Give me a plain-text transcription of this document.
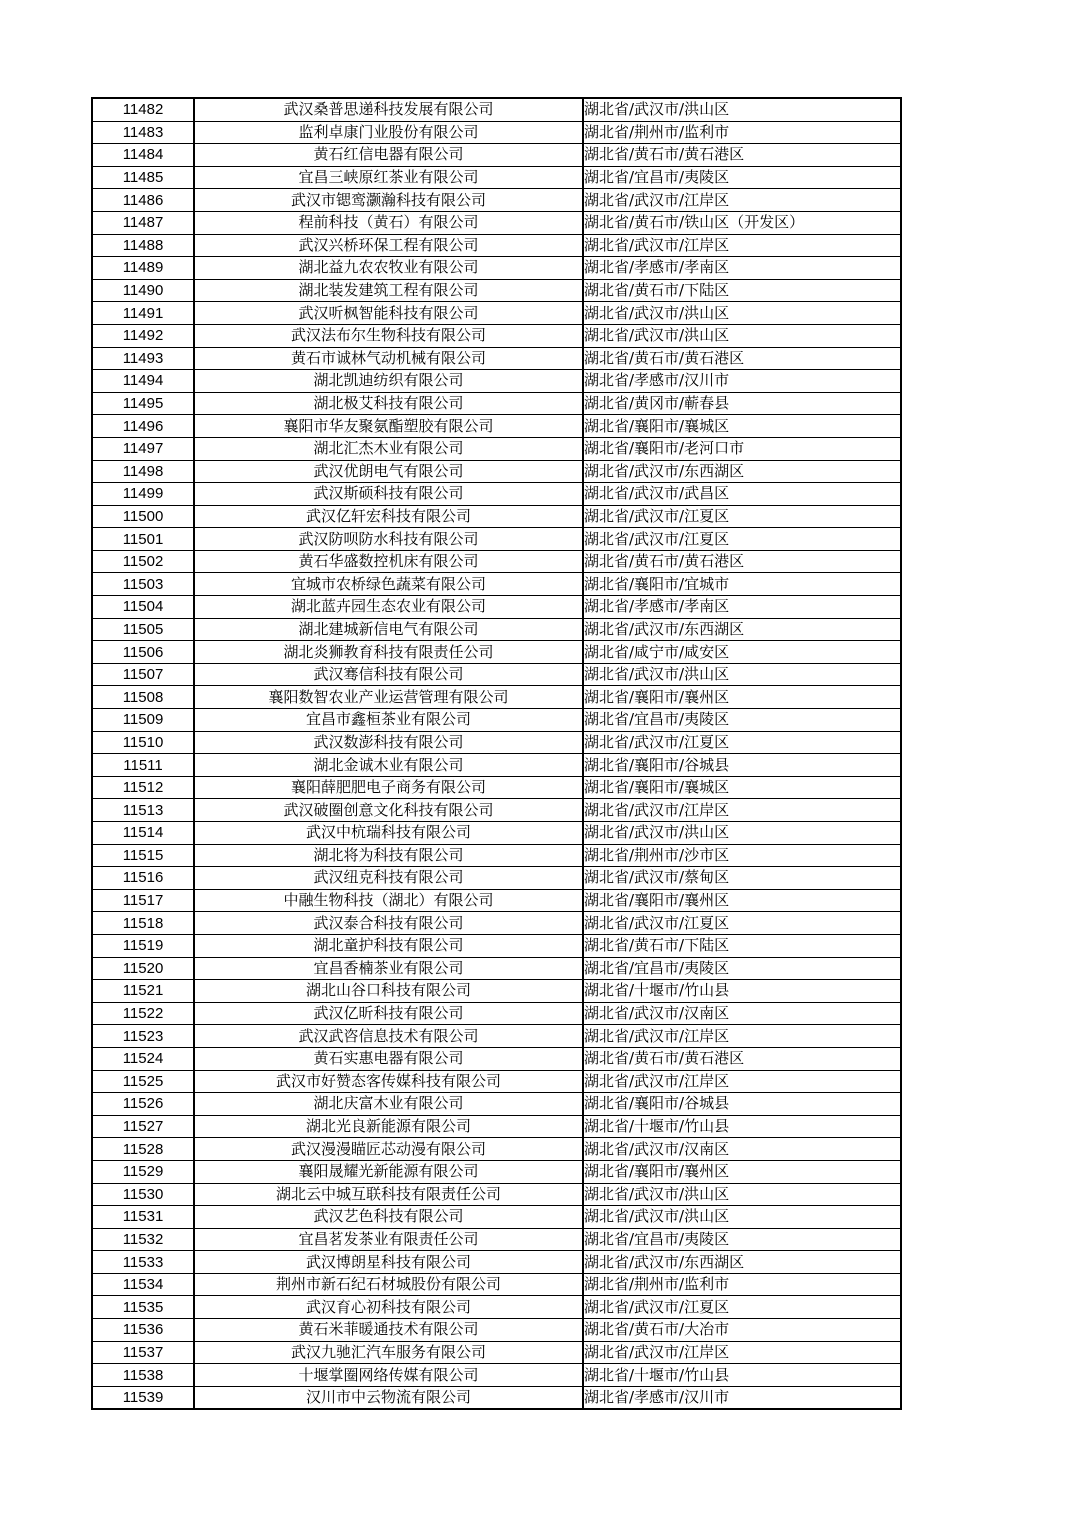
11482	武汉桑普思递科技发展有限公司	湖北省/武汉市/洪山区
11483	监利卓康门业股份有限公司	湖北省/荆州市/监利市
11484	黄石红信电器有限公司	湖北省/黄石市/黄石港区
11485	宜昌三峡原红茶业有限公司	湖北省/宜昌市/夷陵区
11486	武汉市锶鸾灏瀚科技有限公司	湖北省/武汉市/江岸区
11487	程前科技（黄石）有限公司	湖北省/黄石市/铁山区（开发区）
11488	武汉兴桥环保工程有限公司	湖北省/武汉市/江岸区
11489	湖北益九农农牧业有限公司	湖北省/孝感市/孝南区
11490	湖北装发建筑工程有限公司	湖北省/黄石市/下陆区
11491	武汉听枫智能科技有限公司	湖北省/武汉市/洪山区
11492	武汉法布尔生物科技有限公司	湖北省/武汉市/洪山区
11493	黄石市诚林气动机械有限公司	湖北省/黄石市/黄石港区
11494	湖北凯迪纺织有限公司	湖北省/孝感市/汉川市
11495	湖北极艾科技有限公司	湖北省/黄冈市/蕲春县
11496	襄阳市华友聚氨酯塑胶有限公司	湖北省/襄阳市/襄城区
11497	湖北汇杰木业有限公司	湖北省/襄阳市/老河口市
11498	武汉优朗电气有限公司	湖北省/武汉市/东西湖区
11499	武汉斯硕科技有限公司	湖北省/武汉市/武昌区
11500	武汉亿轩宏科技有限公司	湖北省/武汉市/江夏区
11501	武汉防呗防水科技有限公司	湖北省/武汉市/江夏区
11502	黄石华盛数控机床有限公司	湖北省/黄石市/黄石港区
11503	宜城市农桥绿色蔬菜有限公司	湖北省/襄阳市/宜城市
11504	湖北蓝卉园生态农业有限公司	湖北省/孝感市/孝南区
11505	湖北建城新信电气有限公司	湖北省/武汉市/东西湖区
11506	湖北炎狮教育科技有限责任公司	湖北省/咸宁市/咸安区
11507	武汉骞信科技有限公司	湖北省/武汉市/洪山区
11508	襄阳数智农业产业运营管理有限公司	湖北省/襄阳市/襄州区
11509	宜昌市鑫桓茶业有限公司	湖北省/宜昌市/夷陵区
11510	武汉数澎科技有限公司	湖北省/武汉市/江夏区
11511	湖北金诚木业有限公司	湖北省/襄阳市/谷城县
11512	襄阳薛肥肥电子商务有限公司	湖北省/襄阳市/襄城区
11513	武汉破圈创意文化科技有限公司	湖北省/武汉市/江岸区
11514	武汉中杭瑞科技有限公司	湖北省/武汉市/洪山区
11515	湖北将为科技有限公司	湖北省/荆州市/沙市区
11516	武汉纽克科技有限公司	湖北省/武汉市/蔡甸区
11517	中融生物科技（湖北）有限公司	湖北省/襄阳市/襄州区
11518	武汉泰合科技有限公司	湖北省/武汉市/江夏区
11519	湖北童护科技有限公司	湖北省/黄石市/下陆区
11520	宜昌香楠茶业有限公司	湖北省/宜昌市/夷陵区
11521	湖北山谷口科技有限公司	湖北省/十堰市/竹山县
11522	武汉亿昕科技有限公司	湖北省/武汉市/汉南区
11523	武汉武咨信息技术有限公司	湖北省/武汉市/江岸区
11524	黄石实惠电器有限公司	湖北省/黄石市/黄石港区
11525	武汉市好赞态客传媒科技有限公司	湖北省/武汉市/江岸区
11526	湖北庆富木业有限公司	湖北省/襄阳市/谷城县
11527	湖北光良新能源有限公司	湖北省/十堰市/竹山县
11528	武汉漫漫瞄匠芯动漫有限公司	湖北省/武汉市/汉南区
11529	襄阳晟耀光新能源有限公司	湖北省/襄阳市/襄州区
11530	湖北云中城互联科技有限责任公司	湖北省/武汉市/洪山区
11531	武汉艺色科技有限公司	湖北省/武汉市/洪山区
11532	宜昌茗发茶业有限责任公司	湖北省/宜昌市/夷陵区
11533	武汉博朗星科技有限公司	湖北省/武汉市/东西湖区
11534	荆州市新石纪石材城股份有限公司	湖北省/荆州市/监利市
11535	武汉育心初科技有限公司	湖北省/武汉市/江夏区
11536	黄石米菲暖通技术有限公司	湖北省/黄石市/大冶市
11537	武汉九驰汇汽车服务有限公司	湖北省/武汉市/江岸区
11538	十堰掌圈网络传媒有限公司	湖北省/十堰市/竹山县
11539	汉川市中云物流有限公司	湖北省/孝感市/汉川市
